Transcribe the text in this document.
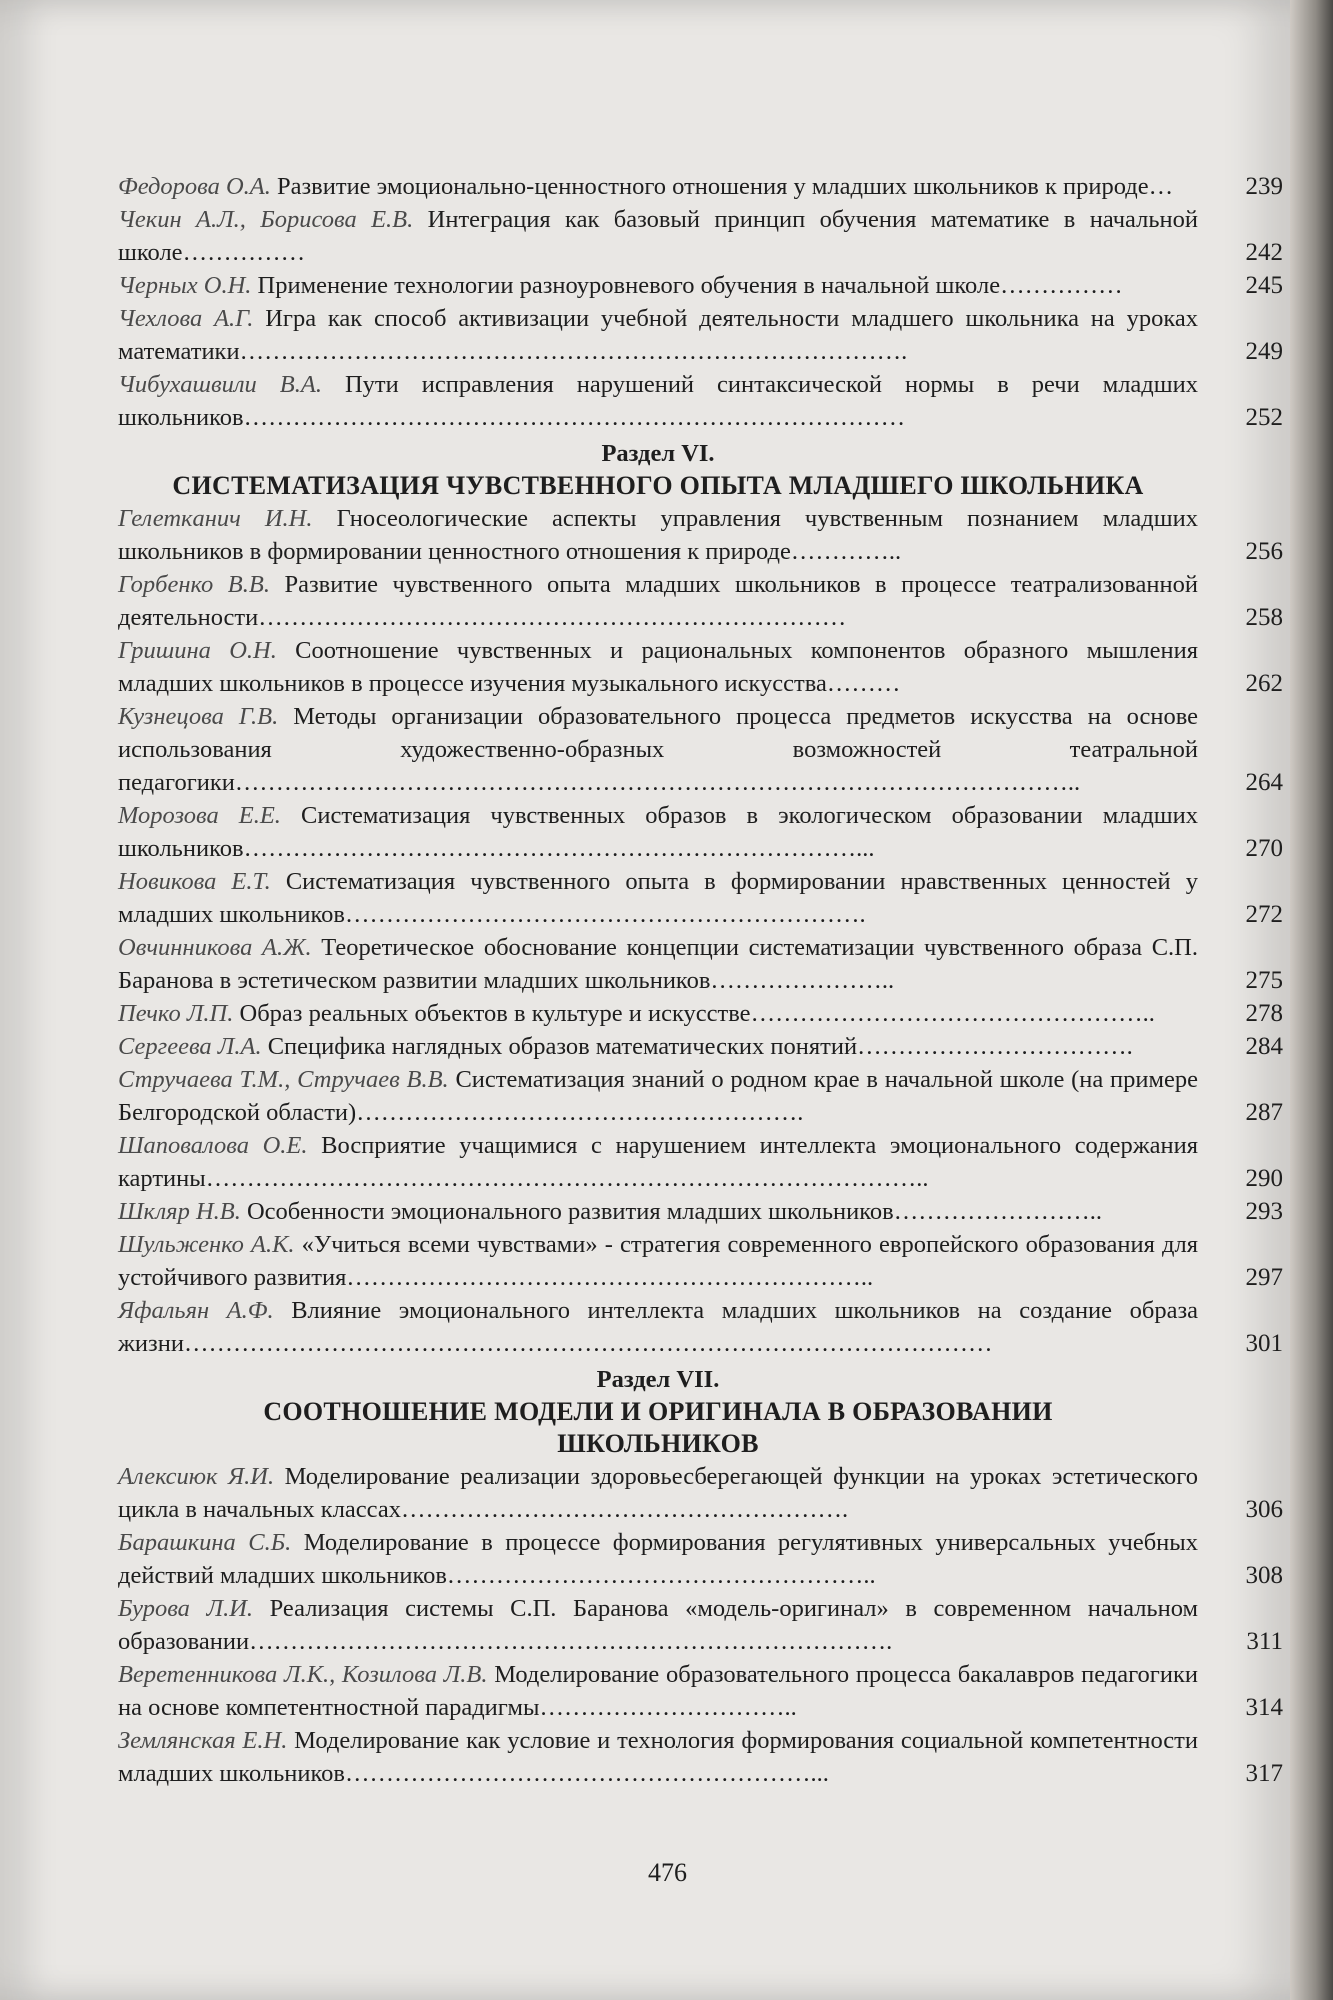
Федорова О.А. Развитие эмоционально-ценностного отношения у младших школьников к природе…	239
Чекин А.Л., Борисова Е.В. Интеграция как базовый принцип обучения математике в начальной школе……………	242
Черных О.Н. Применение технологии разноуровневого обучения в начальной школе……………	245
Чехлова А.Г. Игра как способ активизации учебной деятельности младшего школьника на уроках математики……………………………………………………………………….	249
Чибухашвили В.А. Пути исправления нарушений синтаксической нормы в речи младших школьников………………………………………………………………………	252
Раздел VI.
СИСТЕМАТИЗАЦИЯ ЧУВСТВЕННОГО ОПЫТА МЛАДШЕГО ШКОЛЬНИКА
Гелеткaнич И.Н. Гносеологические аспекты управления чувственным познанием младших школьников в формировании ценностного отношения к природе…………..	256
Горбенко В.В. Развитие чувственного опыта младших школьников в процессе театрализованной деятельности………………………………………………………………	258
Гришина О.Н. Соотношение чувственных и рациональных компонентов образного мышления младших школьников в процессе изучения музыкального искусства………	262
Кузнецова Г.В. Методы организации образовательного процесса предметов искусства на основе использования художественно-образных возможностей театральной педагогики…………………………………………………………………………………………..	264
Морозова Е.Е. Систематизация чувственных образов в экологическом образовании младших школьников…………………………………………………………………...	270
Новикова Е.Т. Систематизация чувственного опыта в формировании нравственных ценностей у младших школьников……………………………………………………….	272
Овчинникова А.Ж. Теоретическое обоснование концепции систематизации чувственного образа С.П. Баранова в эстетическом развитии младших школьников…………………..	275
Печко Л.П. Образ реальных объектов в культуре и искусстве…………………………………………..	278
Сергеева Л.А. Специфика наглядных образов математических понятий…………………………….	284
Стручаева Т.М., Стручаев В.В. Систематизация знаний о родном крае в начальной школе (на примере Белгородской области)……………………………………………….	287
Шаповалова О.Е. Восприятие учащимися с нарушением интеллекта эмоционального содержания картины……………………………………………………………………………..	290
Шкляр Н.В. Особенности эмоционального развития младших школьников……………………..	293
Шульженко А.К. «Учиться всеми чувствами» - стратегия современного европейского образования для устойчивого развития………………………………………………………..	297
Яфальян А.Ф. Влияние эмоционального интеллекта младших школьников на создание образа жизни………………………………………………………………………………………	301
Раздел VII.
СООТНОШЕНИЕ МОДЕЛИ И ОРИГИНАЛА В ОБРАЗОВАНИИ
ШКОЛЬНИКОВ
Алексиюк Я.И. Моделирование реализации здоровьесберегающей функции на уроках эстетического цикла в начальных классах……………………………………………….	306
Барашкина С.Б. Моделирование в процессе формирования регулятивных универсальных учебных действий младших школьников……………………………………………..	308
Бурова Л.И. Реализация системы С.П. Баранова «модель-оригинал» в современном начальном образовании…………………………………………………………………….	311
Веретенникова Л.К., Козилова Л.В. Моделирование образовательного процесса бакалавров педагогики на основе компетентностной парадигмы…………………………..	314
Землянская Е.Н. Моделирование как условие и технология формирования социальной компетентности младших школьников…………………………………………………...	317
476
